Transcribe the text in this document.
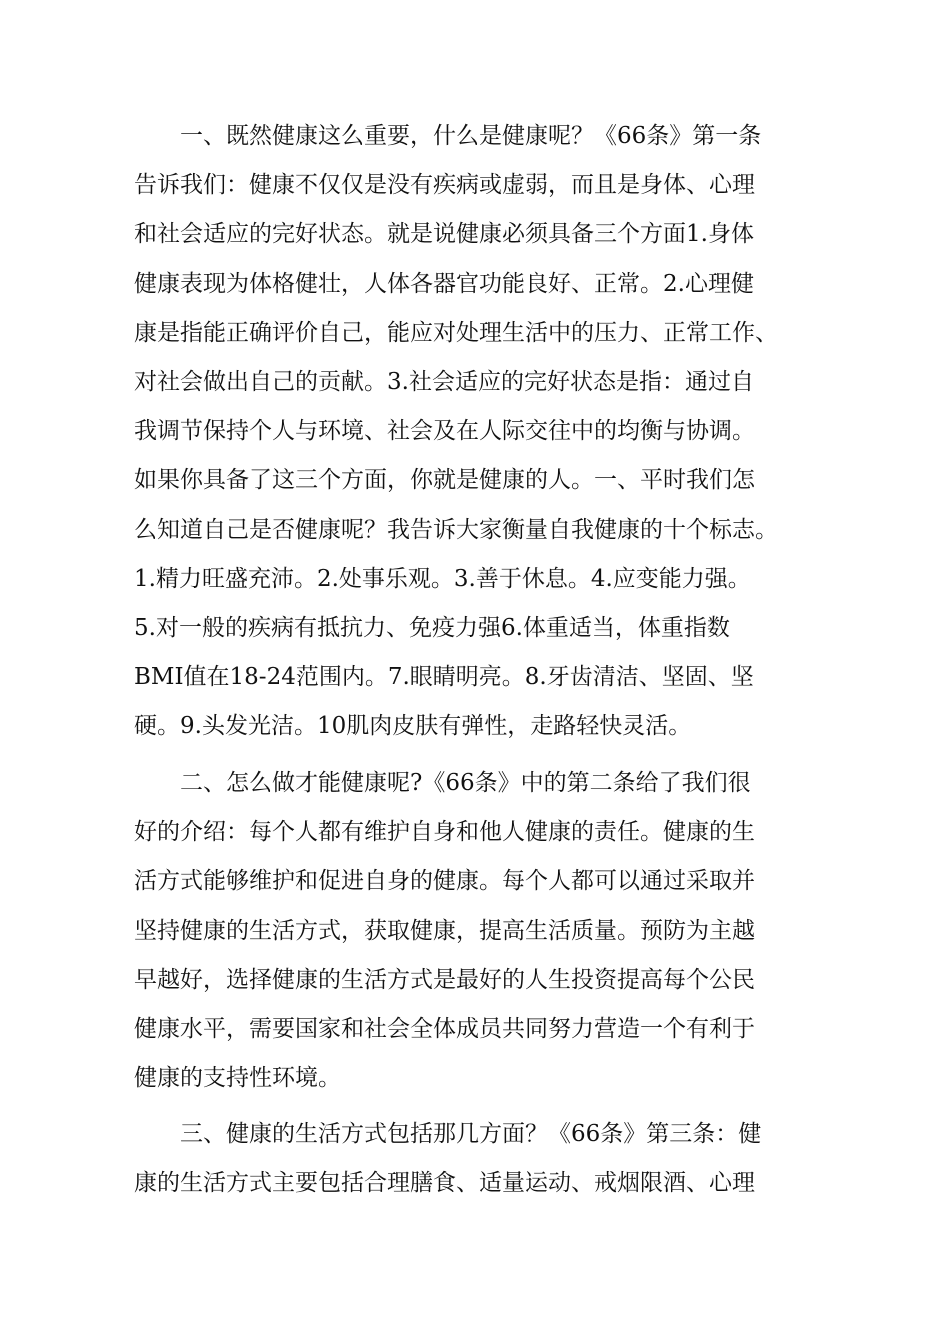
一、既然健康这么重要，什么是健康呢？《66条》第一条
告诉我们：健康不仅仅是没有疾病或虚弱，而且是身体、心理
和社会适应的完好状态。就是说健康必须具备三个方面1.身体
健康表现为体格健壮，人体各器官功能良好、正常。2.心理健
康是指能正确评价自己，能应对处理生活中的压力、正常工作、
对社会做出自己的贡献。3.社会适应的完好状态是指：通过自
我调节保持个人与环境、社会及在人际交往中的均衡与协调。
如果你具备了这三个方面，你就是健康的人。一、平时我们怎
么知道自己是否健康呢？我告诉大家衡量自我健康的十个标志。
1.精力旺盛充沛。2.处事乐观。3.善于休息。4.应变能力强。
5.对一般的疾病有抵抗力、免疫力强6.体重适当，体重指数
BMI值在18-24范围内。7.眼睛明亮。8.牙齿清洁、坚固、坚
硬。9.头发光洁。10肌肉皮肤有弹性，走路轻快灵活。
二、怎么做才能健康呢?《66条》中的第二条给了我们很
好的介绍：每个人都有维护自身和他人健康的责任。健康的生
活方式能够维护和促进自身的健康。每个人都可以通过采取并
坚持健康的生活方式，获取健康，提高生活质量。预防为主越
早越好，选择健康的生活方式是最好的人生投资提高每个公民
健康水平，需要国家和社会全体成员共同努力营造一个有利于
健康的支持性环境。
三、健康的生活方式包括那几方面？《66条》第三条：健
康的生活方式主要包括合理膳食、适量运动、戒烟限酒、心理
